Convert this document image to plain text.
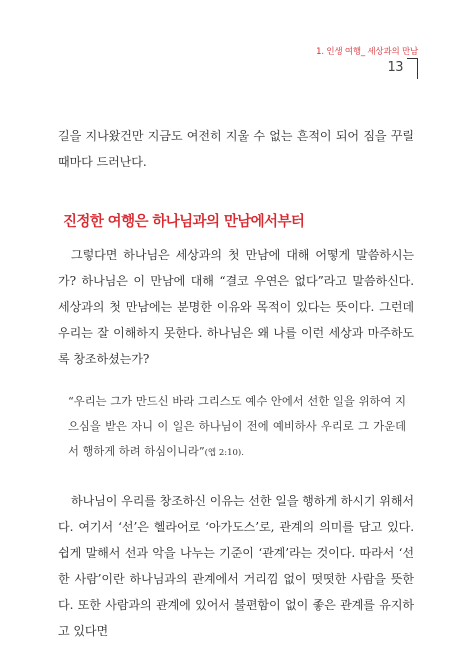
1. 인생 여행_ 세상과의 만남
13

길을 지나왔건만 지금도 여전히 지울 수 없는 흔적이 되어 짐을 꾸릴 때마다 드러난다.

진정한 여행은 하나님과의 만남에서부터

그렇다면 하나님은 세상과의 첫 만남에 대해 어떻게 말씀하시는가? 하나님은 이 만남에 대해 “결코 우연은 없다”라고 말씀하신다. 세상과의 첫 만남에는 분명한 이유와 목적이 있다는 뜻이다. 그런데 우리는 잘 이해하지 못한다. 하나님은 왜 나를 이런 세상과 마주하도록 창조하셨는가?

“우리는 그가 만드신 바라 그리스도 예수 안에서 선한 일을 위하여 지으심을 받은 자니 이 일은 하나님이 전에 예비하사 우리로 그 가운데서 행하게 하려 하심이니라”(엡 2:10).

하나님이 우리를 창조하신 이유는 선한 일을 행하게 하시기 위해서다. 여기서 ‘선’은 헬라어로 ‘아가도스’로, 관계의 의미를 담고 있다. 쉽게 말해서 선과 악을 나누는 기준이 ‘관계’라는 것이다. 따라서 ‘선한 사람’이란 하나님과의 관계에서 거리낌 없이 떳떳한 사람을 뜻한다. 또한 사람과의 관계에 있어서 불편함이 없이 좋은 관계를 유지하고 있다면
